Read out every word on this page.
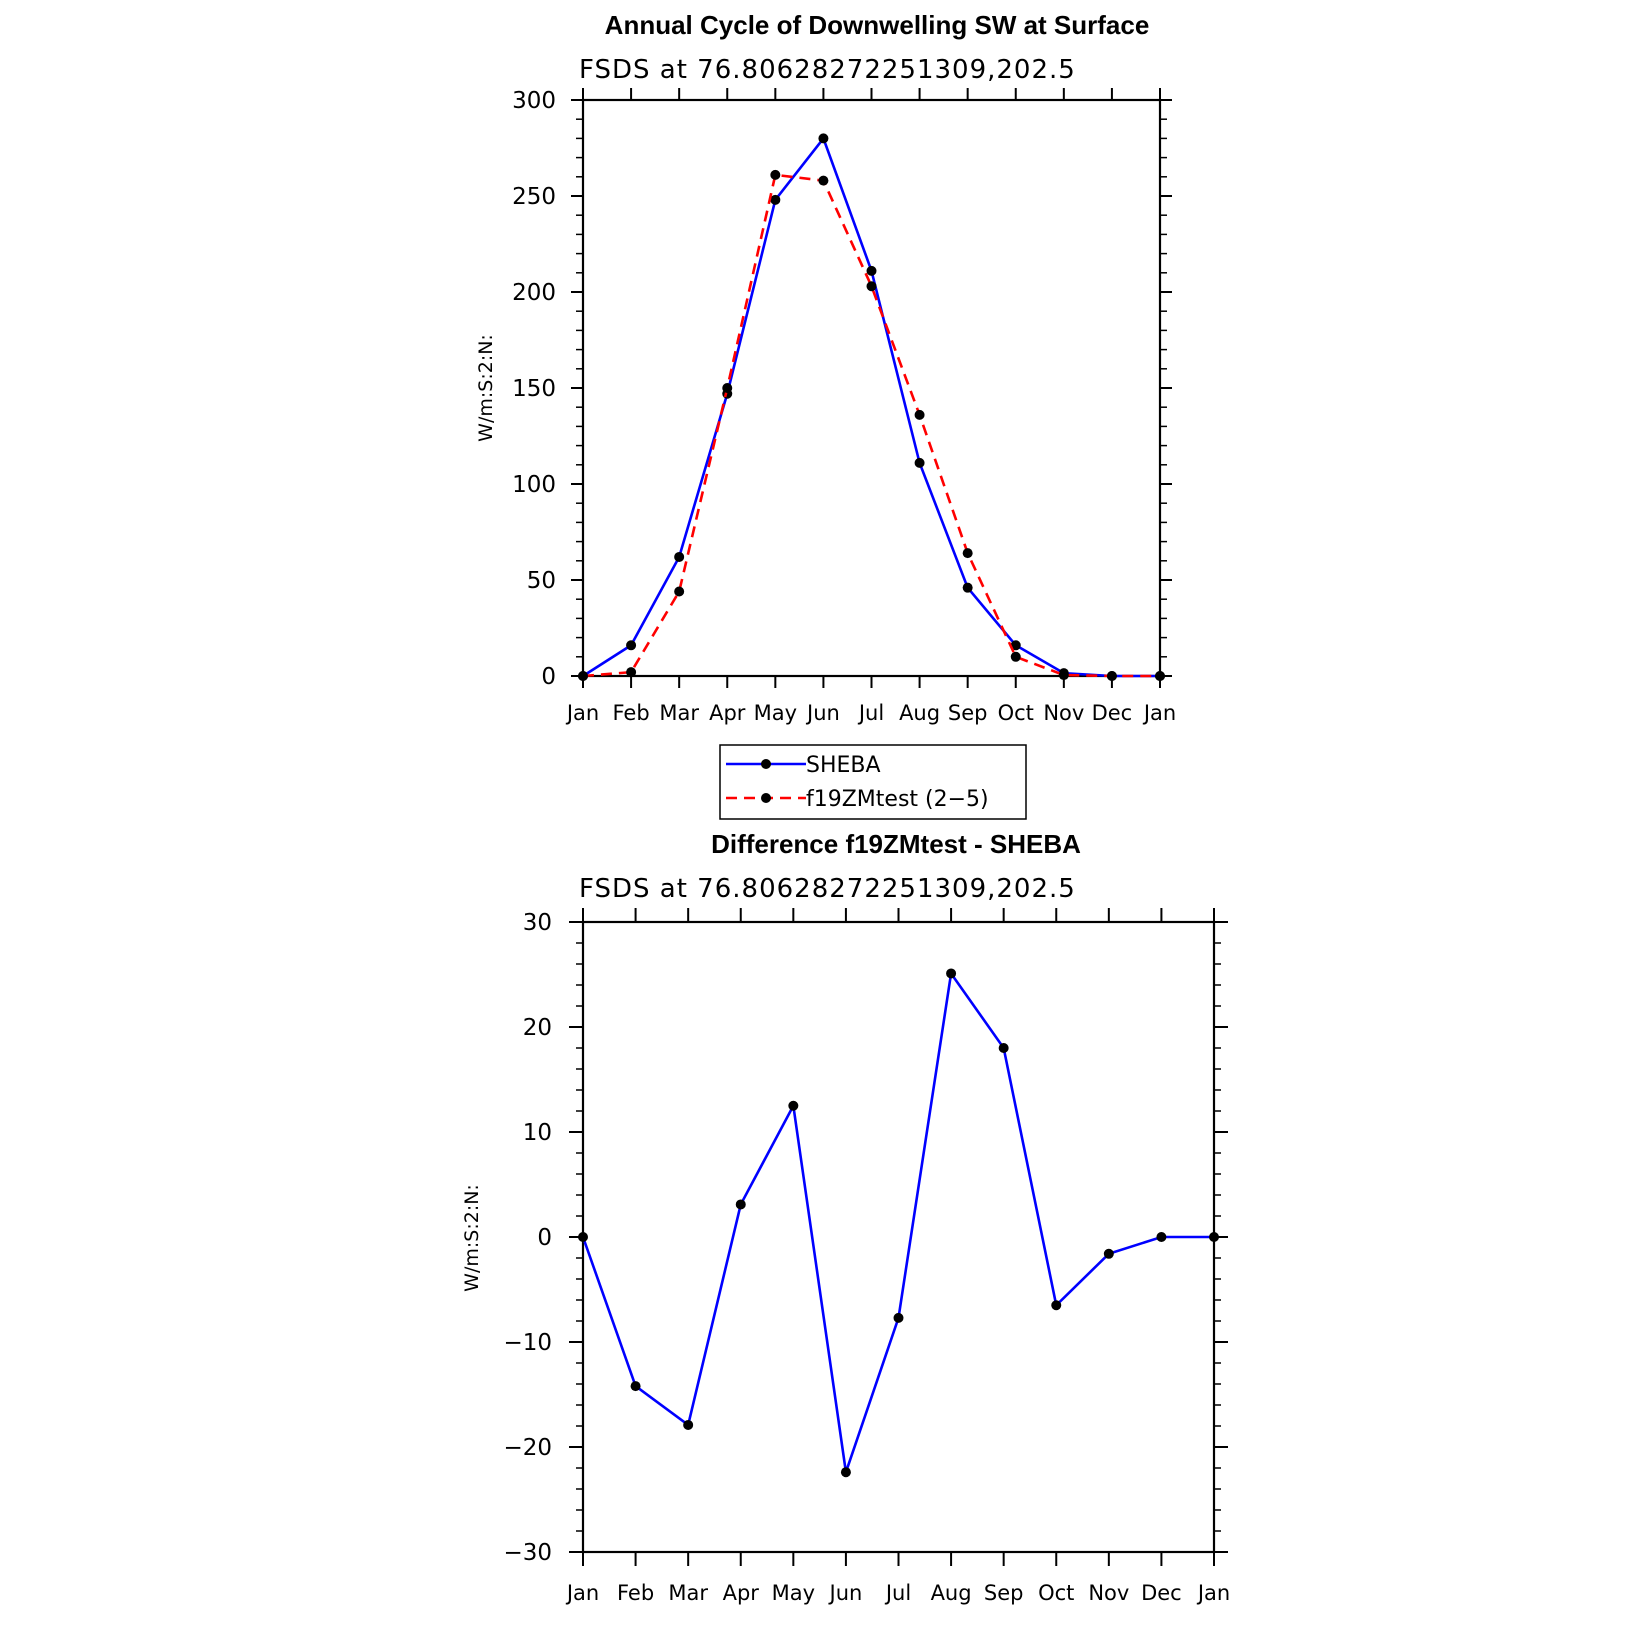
Annual Cycle of Downwelling SW at Surface
FSDS at 76.80628272251309,202.5
Jan Feb Mar Apr May Jun Jul Aug Sep Oct Nov Dec Jan
0
50
100
150
200
250
300
W/m:S:2:N:
SHEBA
f19ZMtest (2−5)
Difference f19ZMtest - SHEBA
FSDS at 76.80628272251309,202.5
Jan Feb Mar Apr May Jun Jul Aug Sep Oct Nov Dec Jan
−30
−20
−10
0
10
20
30
W/m:S:2:N:
